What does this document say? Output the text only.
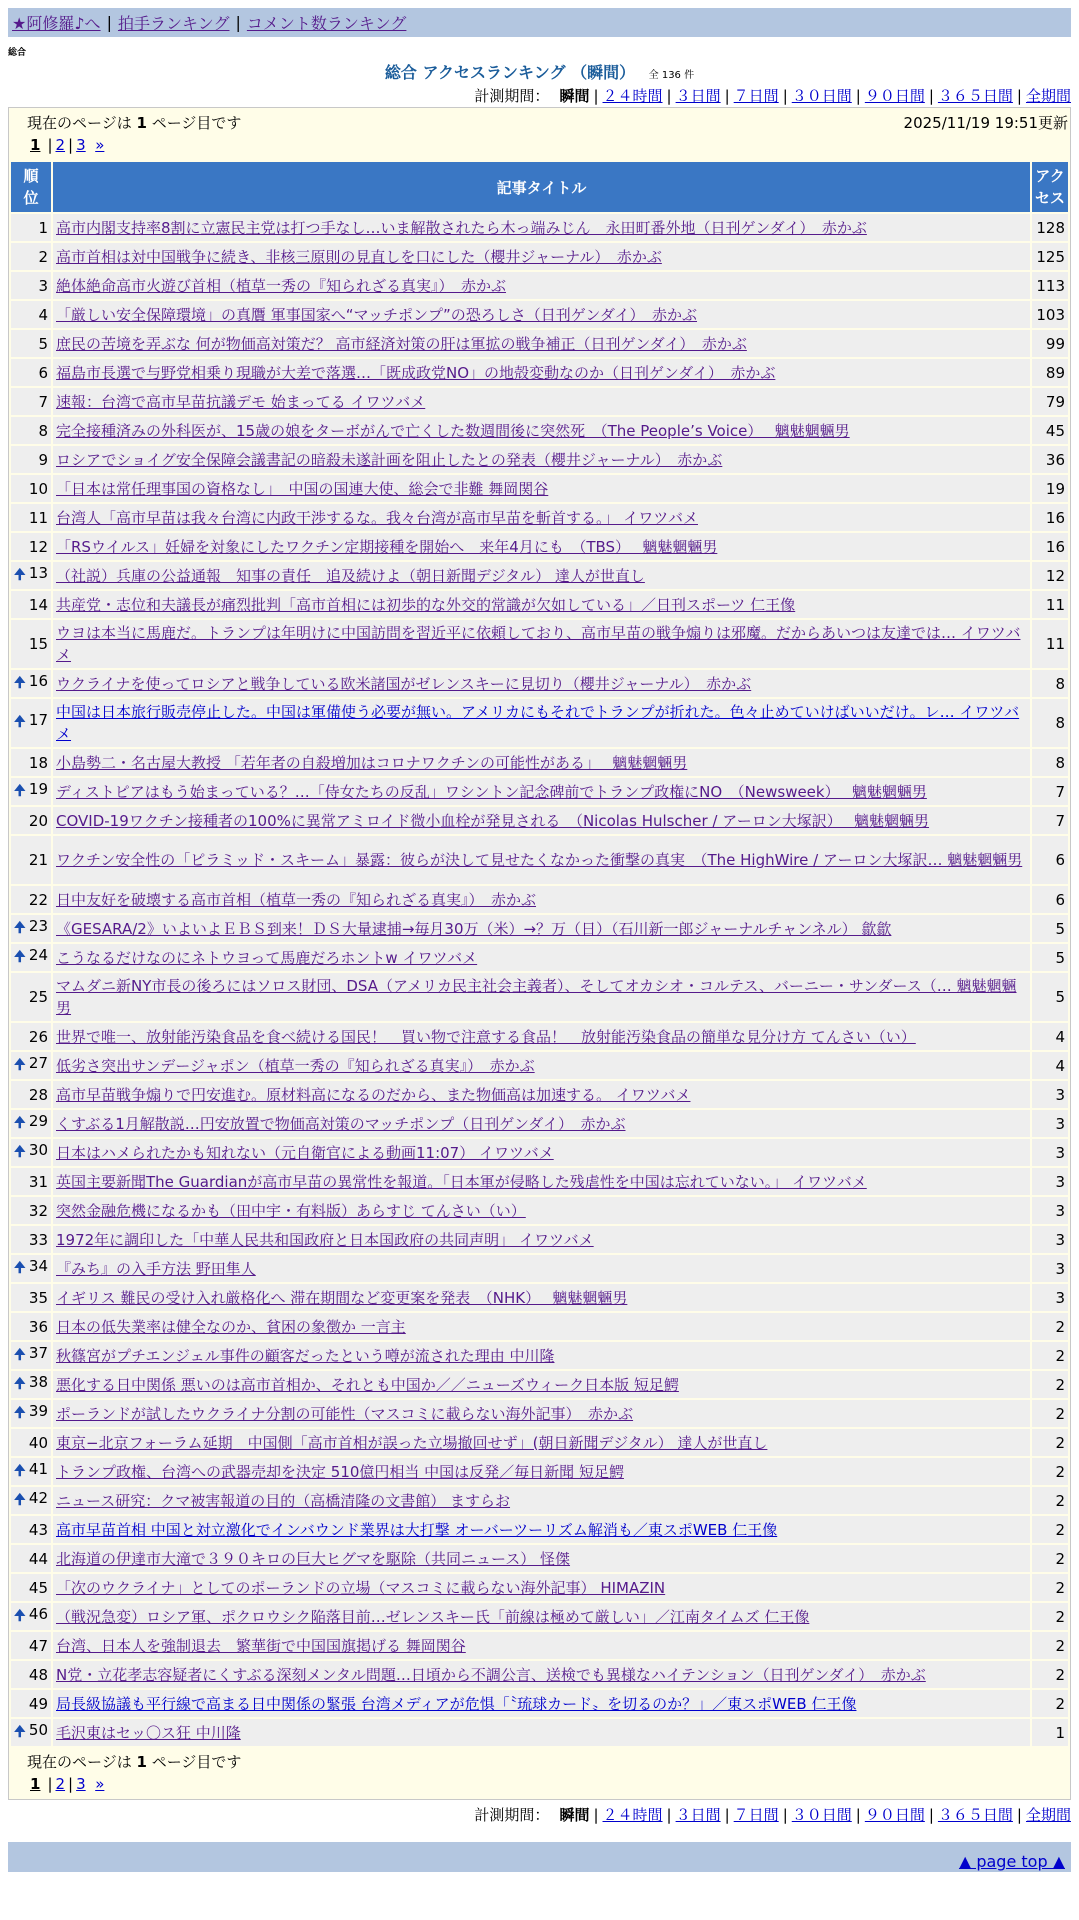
★阿修羅♪へ | 拍手ランキング | コメント数ランキング
総合
総合 アクセスランキング （瞬間） 全 136 件
計測期間： 瞬間 | ２４時間 | ３日間 | ７日間 | ３０日間 | ９０日間 | ３６５日間 | 全期間
現在のページは 1 ページ目です	2025/11/19 19:51更新
1 | 2 | 3 »
順
位	記事タイトル	アク
セス
1	高市内閣支持率8割に立憲民主党は打つ手なし…いま解散されたら木っ端みじん　永田町番外地（日刊ゲンダイ）　赤かぶ	128
2	高市首相は対中国戦争に続き、非核三原則の見直しを口にした（櫻井ジャーナル）　赤かぶ	125
3	絶体絶命高市火遊び首相（植草一秀の『知られざる真実』）　赤かぶ	113
4	「厳しい安全保障環境」の真贋 軍事国家へ“マッチポンプ”の恐ろしさ（日刊ゲンダイ）　赤かぶ	103
5	庶民の苦境を弄ぶな 何が物価高対策だ？ 高市経済対策の肝は軍拡の戦争補正（日刊ゲンダイ）　赤かぶ	99
6	福島市長選で与野党相乗り現職が大差で落選…「既成政党NO」の地殻変動なのか（日刊ゲンダイ）　赤かぶ	89
7	速報：台湾で高市早苗抗議デモ 始まってる イワツバメ	79
8	完全接種済みの外科医が、15歳の娘をターボがんで亡くした数週間後に突然死　（The People’s Voice）　 魑魅魍魎男	45
9	ロシアでショイグ安全保障会議書記の暗殺未遂計画を阻止したとの発表（櫻井ジャーナル）　赤かぶ	36
10	「日本は常任理事国の資格なし」　中国の国連大使、総会で非難 舞岡関谷	19
11	台湾人「高市早苗は我々台湾に内政干渉するな。我々台湾が高市早苗を斬首する。」 イワツバメ	16
12	「RSウイルス」妊婦を対象にしたワクチン定期接種を開始へ　来年4月にも　（TBS）　 魑魅魍魎男	16

🠉 13	（社説）兵庫の公益通報　知事の責任　追及続けよ（朝日新聞デジタル） 達人が世直し	12
14	共産党・志位和夫議長が痛烈批判「高市首相には初歩的な外交的常識が欠如している」／日刊スポーツ 仁王像	11
15	ウヨは本当に馬鹿だ。トランプは年明けに中国訪問を習近平に依頼しており、高市早苗の戦争煽りは邪魔。だからあいつは友達では… イワツバメ	11

🠉 16	ウクライナを使ってロシアと戦争している欧米諸国がゼレンスキーに見切り（櫻井ジャーナル）　赤かぶ	8

🠉 17	中国は日本旅行販売停止した。中国は軍備使う必要が無い。アメリカにもそれでトランプが折れた。色々止めていけばいいだけ。レ… イワツバメ	8
18	小島勢二・名古屋大教授 「若年者の自殺増加はコロナワクチンの可能性がある」　 魑魅魍魎男	8

🠉 19	ディストピアはもう始まっている？…「侍女たちの反乱」ワシントン記念碑前でトランプ政権にNO　（Newsweek）　 魑魅魍魎男	7
20	COVID-19ワクチン接種者の100%に異常アミロイド微小血栓が発見される　（Nicolas Hulscher / アーロン大塚訳）　 魑魅魍魎男	7
21	ワクチン安全性の「ピラミッド・スキーム」暴露：彼らが決して見せたくなかった衝撃の真実　（The HighWire / アーロン大塚訳… 魑魅魍魎男	6
22	日中友好を破壊する高市首相（植草一秀の『知られざる真実』）　赤かぶ	6

🠉 23	《GESARA/2》いよいよＥＢＳ到来！ＤＳ大量逮捕→毎月30万（米）→？万（日）（石川新一郎ジャーナルチャンネル） 歙歙	5

🠉 24	こうなるだけなのにネトウヨって馬鹿だろホントw イワツバメ	5
25	マムダニ新NY市長の後ろにはソロス財団、DSA（アメリカ民主社会主義者）、そしてオカシオ・コルテス、バーニー・サンダース（… 魑魅魍魎男	5
26	世界で唯一、放射能汚染食品を食べ続ける国民！　買い物で注意する食品！　放射能汚染食品の簡単な見分け方 てんさい（い）	4

🠉 27	低劣さ突出サンデージャポン（植草一秀の『知られざる真実』）　赤かぶ	4
28	高市早苗戦争煽りで円安進む。原材料高になるのだから、また物価高は加速する。 イワツバメ	3

🠉 29	くすぶる1月解散説…円安放置で物価高対策のマッチポンプ（日刊ゲンダイ）　赤かぶ	3

🠉 30	日本はハメられたかも知れない（元自衛官による動画11:07） イワツバメ	3
31	英国主要新聞The Guardianが高市早苗の異常性を報道。「日本軍が侵略した残虐性を中国は忘れていない。」 イワツバメ	3
32	突然金融危機になるかも（田中宇・有料版）あらすじ てんさい（い）	3
33	1972年に調印した「中華人民共和国政府と日本国政府の共同声明」 イワツバメ	3

🠉 34	『みち』の入手方法 野田隼人	3
35	イギリス 難民の受け入れ厳格化へ 滞在期間など変更案を発表　（NHK）　 魑魅魍魎男	3
36	日本の低失業率は健全なのか、貧困の象徴か 一言主	2

🠉 37	秋篠宮がプチエンジェル事件の顧客だったという噂が流された理由 中川隆	2

🠉 38	悪化する日中関係 悪いのは高市首相か、それとも中国か／／ニューズウィーク日本版 短足鰐	2

🠉 39	ポーランドが試したウクライナ分割の可能性（マスコミに載らない海外記事）　赤かぶ	2
40	東京−北京フォーラム延期　中国側「高市首相が誤った立場撤回せず」(朝日新聞デジタル） 達人が世直し	2

🠉 41	トランプ政権、台湾への武器売却を決定 510億円相当 中国は反発／毎日新聞 短足鰐	2

🠉 42	ニュース研究：クマ被害報道の目的（高橋清隆の文書館） ますらお	2
43	高市早苗首相 中国と対立激化でインバウンド業界は大打撃 オーバーツーリズム解消も／東スポWEB 仁王像	2
44	北海道の伊達市大滝で３９０キロの巨大ヒグマを駆除（共同ニュース） 怪傑	2
45	「次のウクライナ」としてのポーランドの立場（マスコミに載らない海外記事） HIMAZIN	2

🠉 46	（戦況急変）ロシア軍、ポクロウシク陥落目前…ゼレンスキー氏「前線は極めて厳しい」／江南タイムズ 仁王像	2
47	台湾、日本人を強制退去　繁華街で中国国旗掲げる 舞岡関谷	2
48	N党・立花孝志容疑者にくすぶる深刻メンタル問題…日頃から不調公言、送検でも異様なハイテンション（日刊ゲンダイ）　赤かぶ	2
49	局長級協議も平行線で高まる日中関係の緊張 台湾メディアが危惧「〝琉球カード〟を切るのか？」／東スポWEB 仁王像	2

🠉 50	毛沢東はセッ〇ス狂 中川隆	1
現在のページは 1 ページ目です
1 | 2 | 3 »
計測期間： 瞬間 | ２４時間 | ３日間 | ７日間 | ３０日間 | ９０日間 | ３６５日間 | 全期間
▲ page top ▲
